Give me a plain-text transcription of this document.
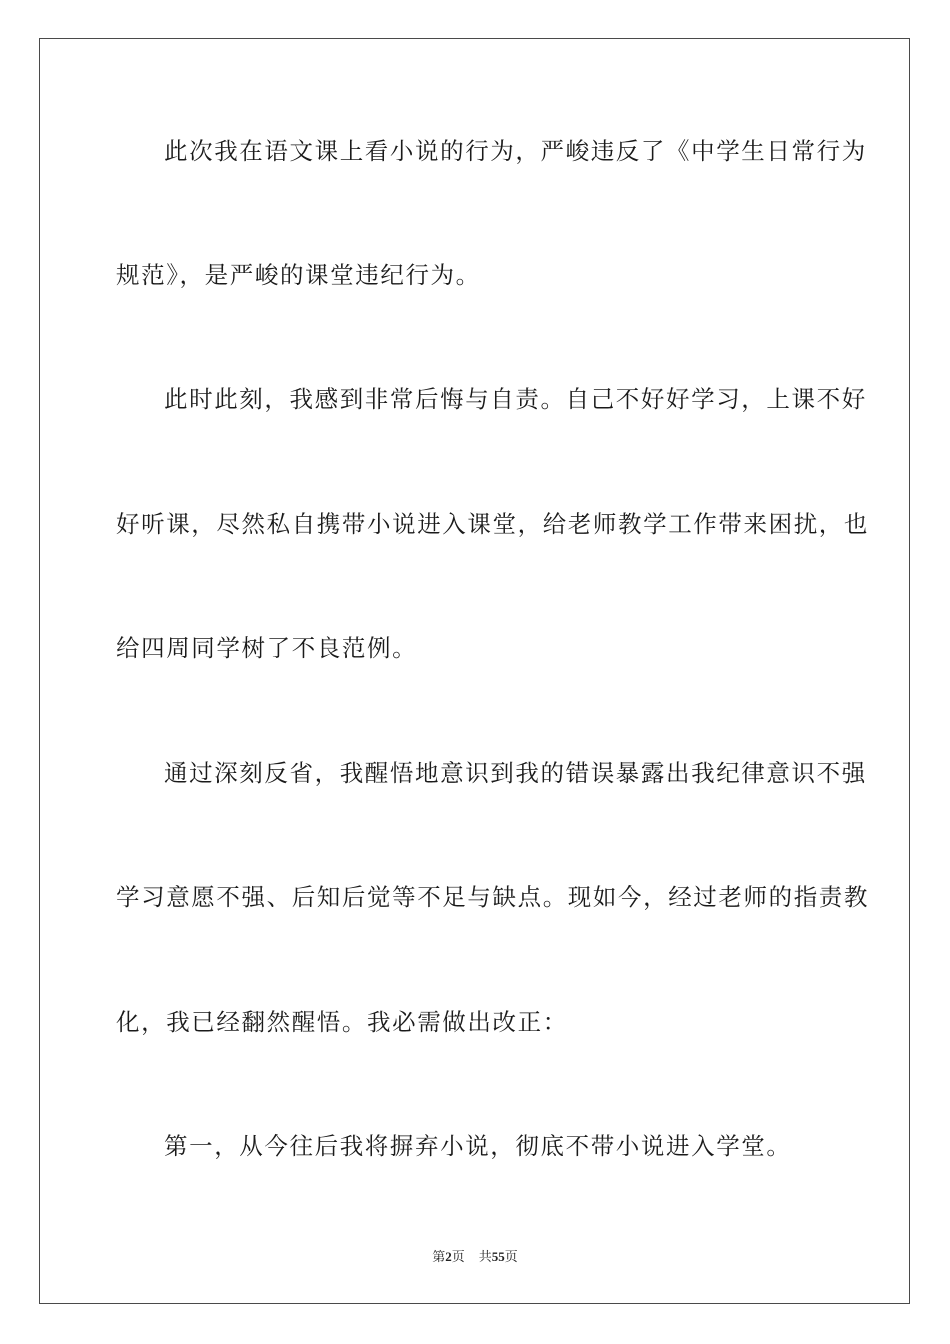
此次我在语文课上看小说的行为，严峻违反了《中学生日常行为
规范》，是严峻的课堂违纪行为。
此时此刻，我感到非常后悔与自责。自己不好好学习，上课不好
好听课，尽然私自携带小说进入课堂，给老师教学工作带来困扰，也
给四周同学树了不良范例。
通过深刻反省，我醒悟地意识到我的错误暴露出我纪律意识不强
学习意愿不强、后知后觉等不足与缺点。现如今，经过老师的指责教
化，我已经翻然醒悟。我必需做出改正：
第一，从今往后我将摒弃小说，彻底不带小说进入学堂。
第2页 共55页
